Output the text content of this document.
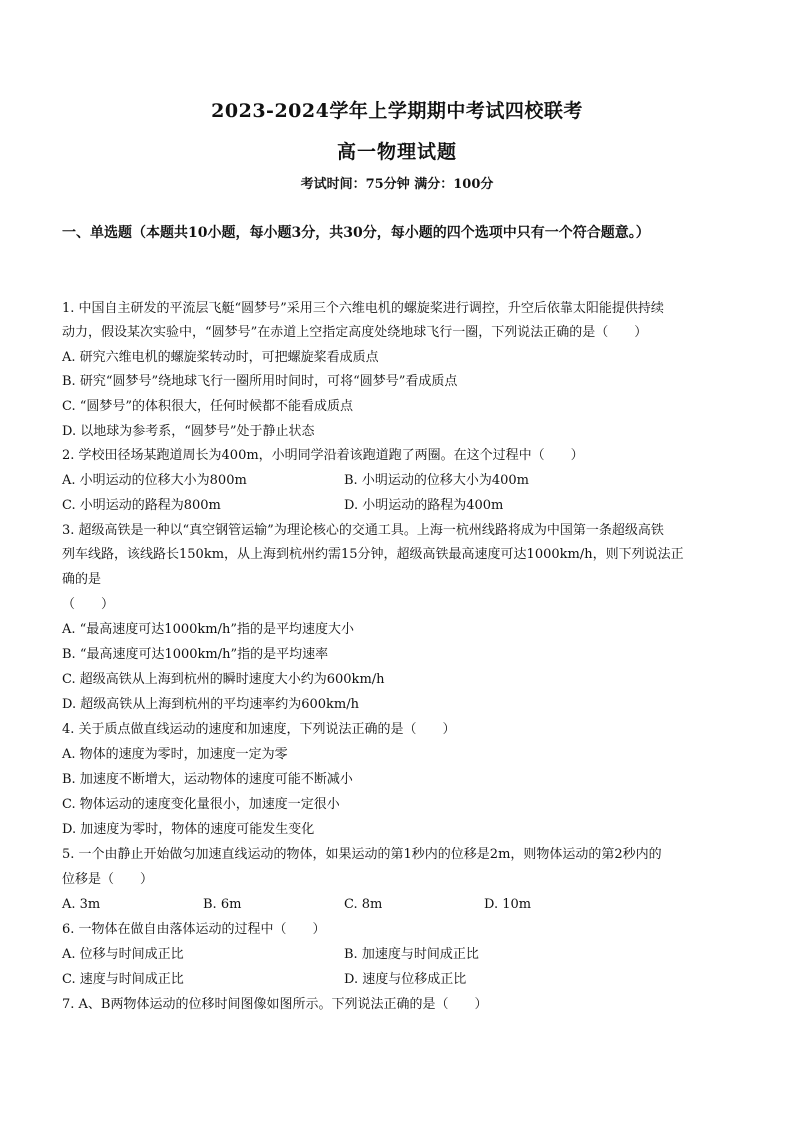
2023-2024学年上学期期中考试四校联考
高一物理试题
考试时间：75分钟 满分：100分
一、单选题（本题共10小题，每小题3分，共30分，每小题的四个选项中只有一个符合题意。）
1. 中国自主研发的平流层飞艇“圆梦号”采用三个六维电机的螺旋桨进行调控，升空后依靠太阳能提供持续
动力，假设某次实验中，“圆梦号”在赤道上空指定高度处绕地球飞行一圈，下列说法正确的是（　　）
A. 研究六维电机的螺旋桨转动时，可把螺旋桨看成质点
B. 研究“圆梦号”绕地球飞行一圈所用时间时，可将“圆梦号”看成质点
C. “圆梦号”的体积很大，任何时候都不能看成质点
D. 以地球为参考系，“圆梦号”处于静止状态
2. 学校田径场某跑道周长为400m，小明同学沿着该跑道跑了两圈。在这个过程中（　　）
A. 小明运动的位移大小为800m	B. 小明运动的位移大小为400m
C. 小明运动的路程为800m	D. 小明运动的路程为400m
3. 超级高铁是一种以“真空钢管运输”为理论核心的交通工具。上海一杭州线路将成为中国第一条超级高铁
列车线路，该线路长150km，从上海到杭州约需15分钟，超级高铁最高速度可达1000km/h，则下列说法正
确的是
（　　）
A. “最高速度可达1000km/h”指的是平均速度大小
B. “最高速度可达1000km/h”指的是平均速率
C. 超级高铁从上海到杭州的瞬时速度大小约为600km/h
D. 超级高铁从上海到杭州的平均速率约为600km/h
4. 关于质点做直线运动的速度和加速度，下列说法正确的是（　　）
A. 物体的速度为零时，加速度一定为零
B. 加速度不断增大，运动物体的速度可能不断减小
C. 物体运动的速度变化量很小，加速度一定很小
D. 加速度为零时，物体的速度可能发生变化
5. 一个由静止开始做匀加速直线运动的物体，如果运动的第1秒内的位移是2m，则物体运动的第2秒内的
位移是（　　）
A. 3m	B. 6m	C. 8m	D. 10m
6. 一物体在做自由落体运动的过程中（　　）
A. 位移与时间成正比	B. 加速度与时间成正比
C. 速度与时间成正比	D. 速度与位移成正比
7. A、B两物体运动的位移时间图像如图所示。下列说法正确的是（　　）
